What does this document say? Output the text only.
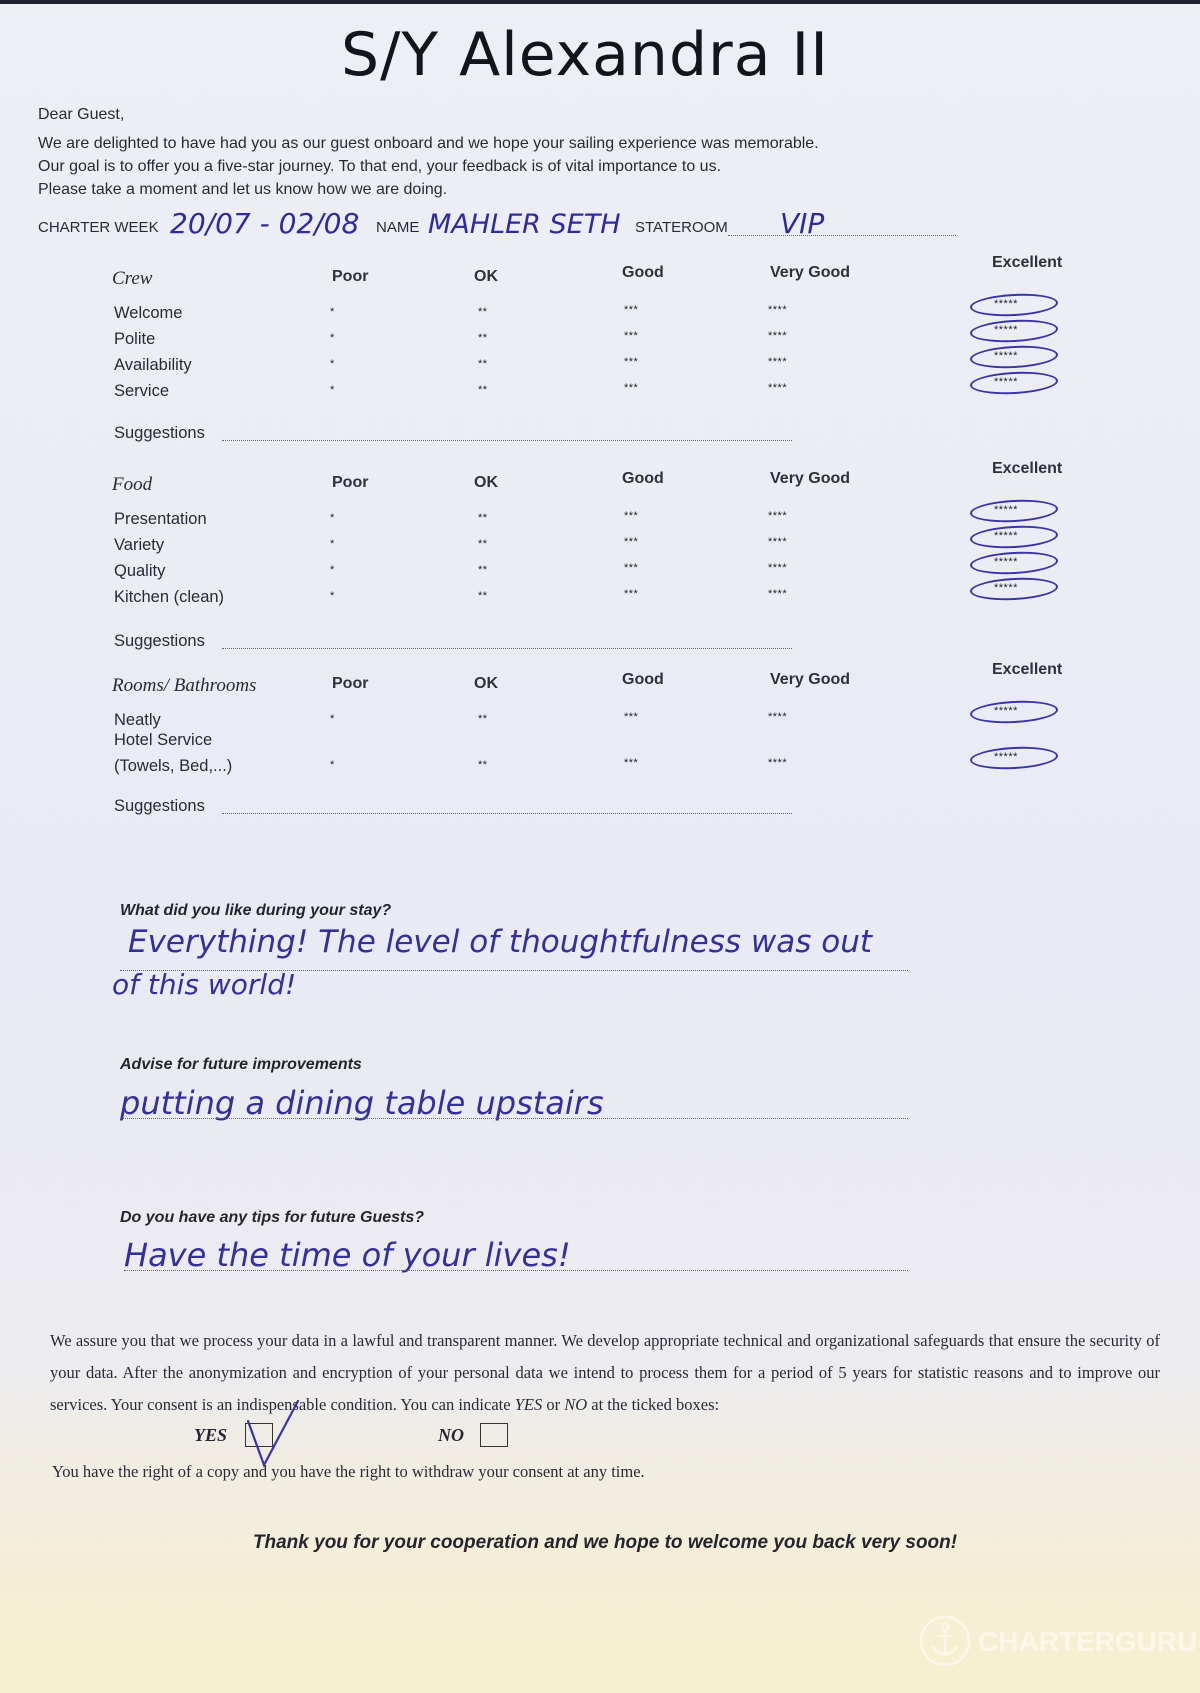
S/Y Alexandra II
Dear Guest,
We are delighted to have had you as our guest onboard and we hope your sailing experience was memorable.
Our goal is to offer you a five-star journey. To that end, your feedback is of vital importance to us.
Please take a moment and let us know how we are doing.
CHARTER WEEK 20/07 - 02/08 NAME MAHLER SETH STATEROOM VIP
Crew	Poor	OK	Good	Very Good
Excellent
Welcome	*	**	***	****	*****
Polite	*	**	***	****	*****
Availability	*	**	***	****	*****
Service	*	**	***	****	*****
Suggestions
Food	Poor	OK	Good	Very Good
Excellent
Presentation	*	**	***	****	*****
Variety	*	**	***	****	*****
Quality	*	**	***	****	*****
Kitchen (clean)	*	**	***	****	*****
Suggestions
Rooms/ Bathrooms	Poor	OK	Good	Very Good
Excellent
Neatly	*	**	***	****	*****
Hotel Service
(Towels, Bed,...)	*	**	***	****	*****
Suggestions
What did you like during your stay?
Everything! The level of thoughtfulness was out
of this world!
Advise for future improvements
putting a dining table upstairs
Do you have any tips for future Guests?
Have the time of your lives!
We assure you that we process your data in a lawful and transparent manner. We develop appropriate technical and organizational safeguards that ensure the security of your data. After the anonymization and encryption of your personal data we intend to process them for a period of 5 years for statistic reasons and to improve our services. Your consent is an indispensable condition. You can indicate YES or NO at the ticked boxes:
YES	NO
You have the right of a copy and you have the right to withdraw your consent at any time.
Thank you for your cooperation and we hope to welcome you back very soon!
CHARTERGURU
